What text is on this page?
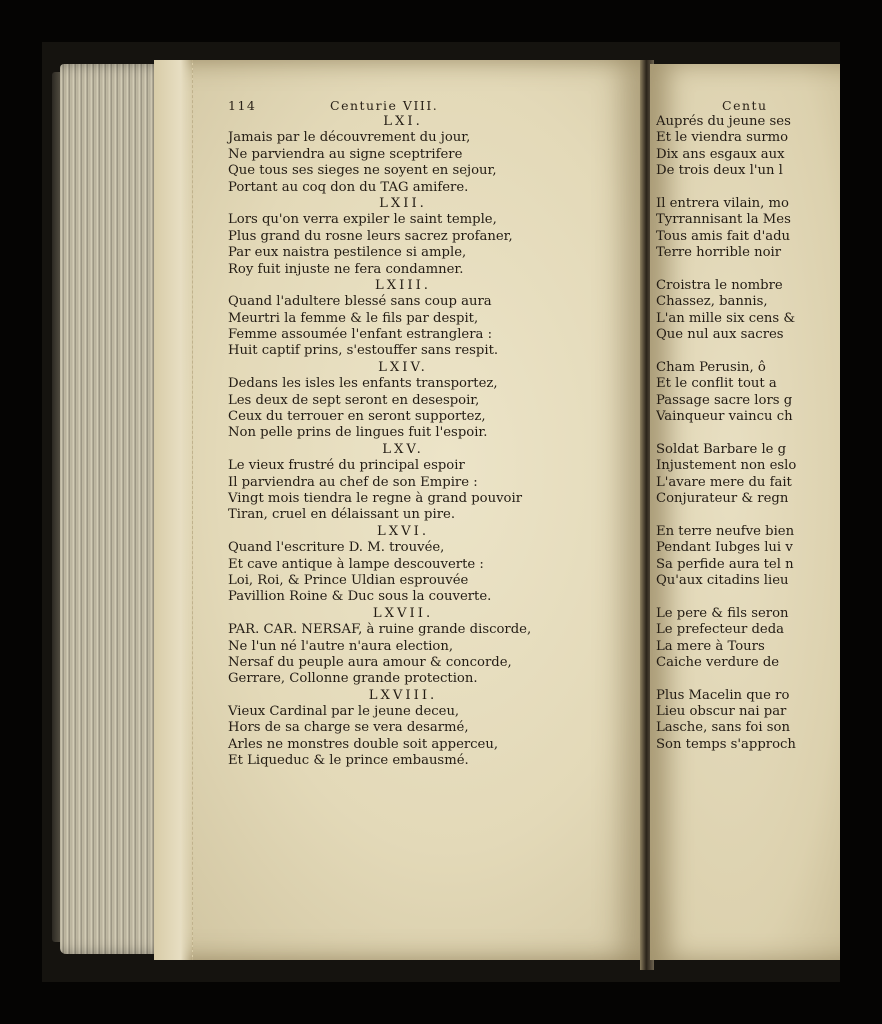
114	Centurie VIII.	Centu
LXI.
Jamais par le découvrement du jour,
Ne parviendra au signe sceptrifere
Que tous ses sieges ne soyent en sejour,
Portant au coq don du TAG amifere.
LXII.
Lors qu'on verra expiler le saint temple,
Plus grand du rosne leurs sacrez profaner,
Par eux naistra pestilence si ample,
Roy fuit injuste ne fera condamner.
LXIII.
Quand l'adultere blessé sans coup aura
Meurtri la femme & le fils par despit,
Femme assoumée l'enfant estranglera :
Huit captif prins, s'estouffer sans respit.
LXIV.
Dedans les isles les enfants transportez,
Les deux de sept seront en desespoir,
Ceux du terrouer en seront supportez,
Non pelle prins de lingues fuit l'espoir.
LXV.
Le vieux frustré du principal espoir
Il parviendra au chef de son Empire :
Vingt mois tiendra le regne à grand pouvoir
Tiran, cruel en délaissant un pire.
LXVI.
Quand l'escriture D. M. trouvée,
Et cave antique à lampe descouverte :
Loi, Roi, & Prince Uldian esprouvée
Pavillion Roine & Duc sous la couverte.
LXVII.
PAR. CAR. NERSAF, à ruine grande discorde,
Ne l'un né l'autre n'aura election,
Nersaf du peuple aura amour & concorde,
Gerrare, Collonne grande protection.
LXVIII.
Vieux Cardinal par le jeune deceu,
Hors de sa charge se vera desarmé,
Arles ne monstres double soit apperceu,
Et Liqueduc & le prince embausmé.
Auprés du jeune ses
Et le viendra surmo
Dix ans esgaux aux
De trois deux l'un l

Il entrera vilain, mo
Tyrrannisant la Mes
Tous amis fait d'adu
Terre horrible noir

Croistra le nombre
Chassez, bannis,
L'an mille six cens &
Que nul aux sacres

Cham Perusin, ô
Et le conflit tout a
Passage sacre lors g
Vainqueur vaincu ch

Soldat Barbare le g
Injustement non eslo
L'avare mere du fait
Conjurateur & regn

En terre neufve bien
Pendant Iubges lui v
Sa perfide aura tel n
Qu'aux citadins lieu

Le pere & fils seron
Le prefecteur deda
La mere à Tours
Caiche verdure de

Plus Macelin que ro
Lieu obscur nai par
Lasche, sans foi son
Son temps s'approch
